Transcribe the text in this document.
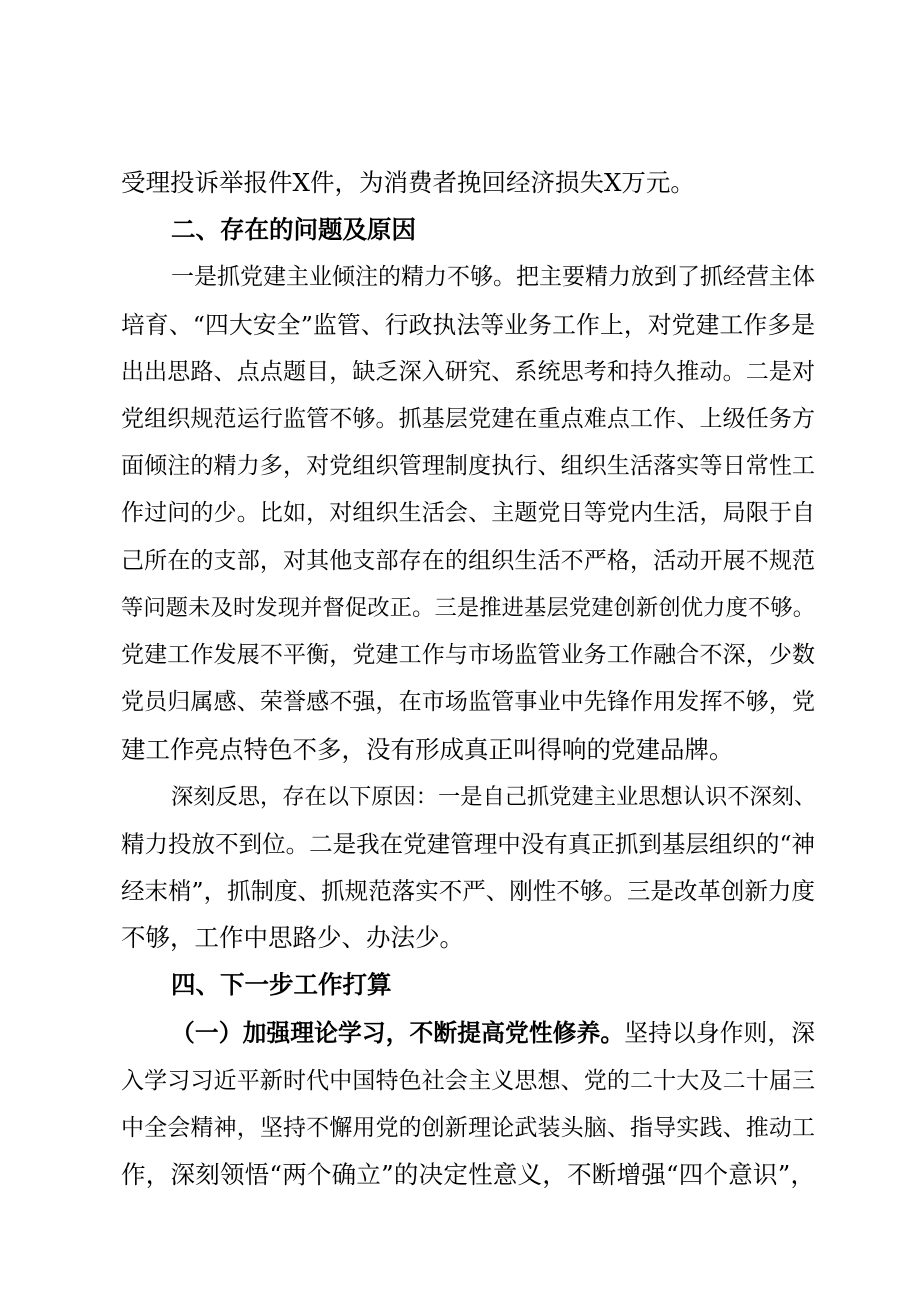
受理投诉举报件X件，为消费者挽回经济损失X万元。
二、存在的问题及原因
一是抓党建主业倾注的精力不够。把主要精力放到了抓经营主体
培育、“四大安全”监管、行政执法等业务工作上，对党建工作多是
出出思路、点点题目，缺乏深入研究、系统思考和持久推动。二是对
党组织规范运行监管不够。抓基层党建在重点难点工作、上级任务方
面倾注的精力多，对党组织管理制度执行、组织生活落实等日常性工
作过问的少。比如，对组织生活会、主题党日等党内生活，局限于自
己所在的支部，对其他支部存在的组织生活不严格，活动开展不规范
等问题未及时发现并督促改正。三是推进基层党建创新创优力度不够。
党建工作发展不平衡，党建工作与市场监管业务工作融合不深，少数
党员归属感、荣誉感不强，在市场监管事业中先锋作用发挥不够，党
建工作亮点特色不多，没有形成真正叫得响的党建品牌。
深刻反思，存在以下原因：一是自己抓党建主业思想认识不深刻、
精力投放不到位。二是我在党建管理中没有真正抓到基层组织的“神
经末梢”，抓制度、抓规范落实不严、刚性不够。三是改革创新力度
不够，工作中思路少、办法少。
四、下一步工作打算
（一）加强理论学习，不断提高党性修养。坚持以身作则，深
入学习习近平新时代中国特色社会主义思想、党的二十大及二十届三
中全会精神，坚持不懈用党的创新理论武装头脑、指导实践、推动工
作，深刻领悟“两个确立”的决定性意义，不断增强“四个意识”，
